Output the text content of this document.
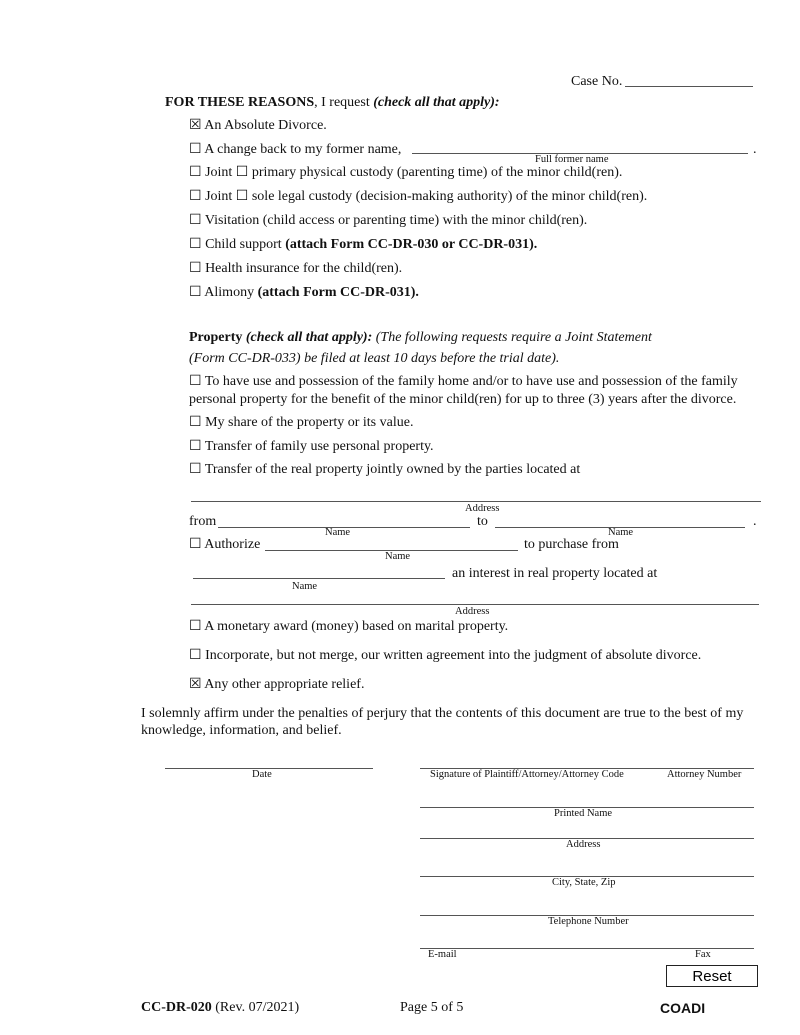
Case No.
FOR THESE REASONS, I request (check all that apply):
☒ An Absolute Divorce.
☐ A change back to my former name,	.
Full former name
☐ Joint ☐ primary physical custody (parenting time) of the minor child(ren).
☐ Joint ☐ sole legal custody (decision-making authority) of the minor child(ren).
☐ Visitation (child access or parenting time) with the minor child(ren).
☐ Child support (attach Form CC-DR-030 or CC-DR-031).
☐ Health insurance for the child(ren).
☐ Alimony (attach Form CC-DR-031).
Property (check all that apply): (The following requests require a Joint Statement
(Form CC-DR-033) be filed at least 10 days before the trial date).
☐ To have use and possession of the family home and/or to have use and possession of the family
personal property for the benefit of the minor child(ren) for up to three (3) years after the divorce.
☐ My share of the property or its value.
☐ Transfer of family use personal property.
☐ Transfer of the real property jointly owned by the parties located at
Address
from	to	.
Name	Name
☐ Authorize	to purchase from
Name
an interest in real property located at
Name
Address
☐ A monetary award (money) based on marital property.
☐ Incorporate, but not merge, our written agreement into the judgment of absolute divorce.
☒ Any other appropriate relief.
I solemnly affirm under the penalties of perjury that the contents of this document are true to the best of my
knowledge, information, and belief.
Date	Signature of Plaintiff/Attorney/Attorney Code	Attorney Number
Printed Name
Address
City, State, Zip
Telephone Number
E-mail	Fax
Reset
CC-DR-020 (Rev. 07/2021)	Page 5 of 5	COADI
